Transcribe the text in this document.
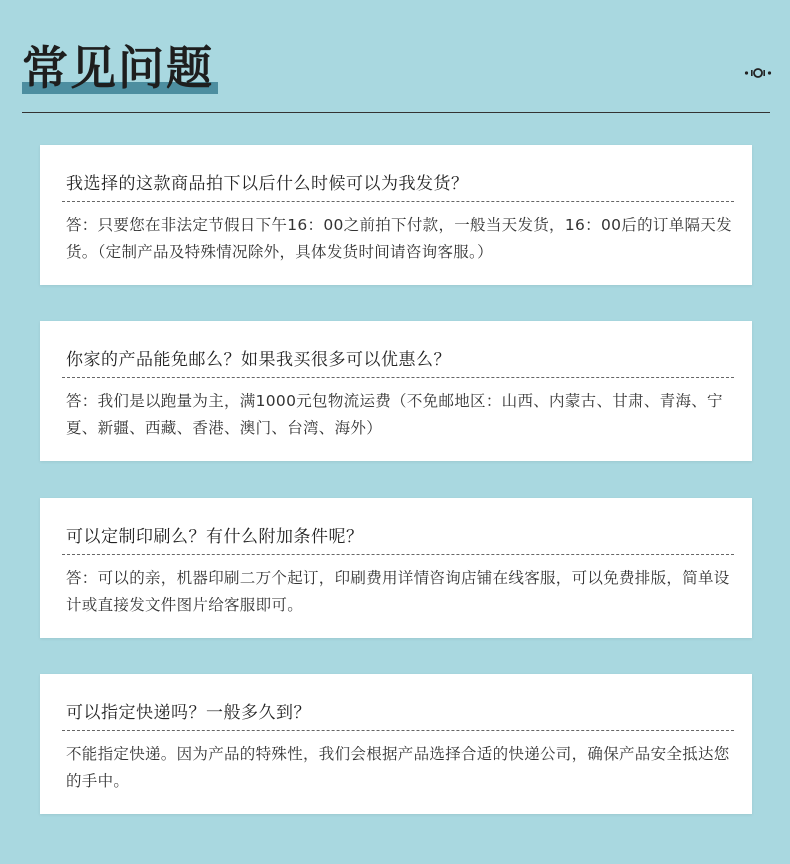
常见问题
我选择的这款商品拍下以后什么时候可以为我发货？
答：只要您在非法定节假日下午16：00之前拍下付款，一般当天发货，16：00后的订单隔天发货。（定制产品及特殊情况除外，具体发货时间请咨询客服。）
你家的产品能免邮么？如果我买很多可以优惠么？
答：我们是以跑量为主，满1000元包物流运费（不免邮地区：山西、内蒙古、甘肃、青海、宁夏、新疆、西藏、香港、澳门、台湾、海外）
可以定制印刷么？有什么附加条件呢？
答：可以的亲，机器印刷二万个起订，印刷费用详情咨询店铺在线客服，可以免费排版，简单设计或直接发文件图片给客服即可。
可以指定快递吗？一般多久到？
不能指定快递。因为产品的特殊性，我们会根据产品选择合适的快递公司，确保产品安全抵达您的手中。
